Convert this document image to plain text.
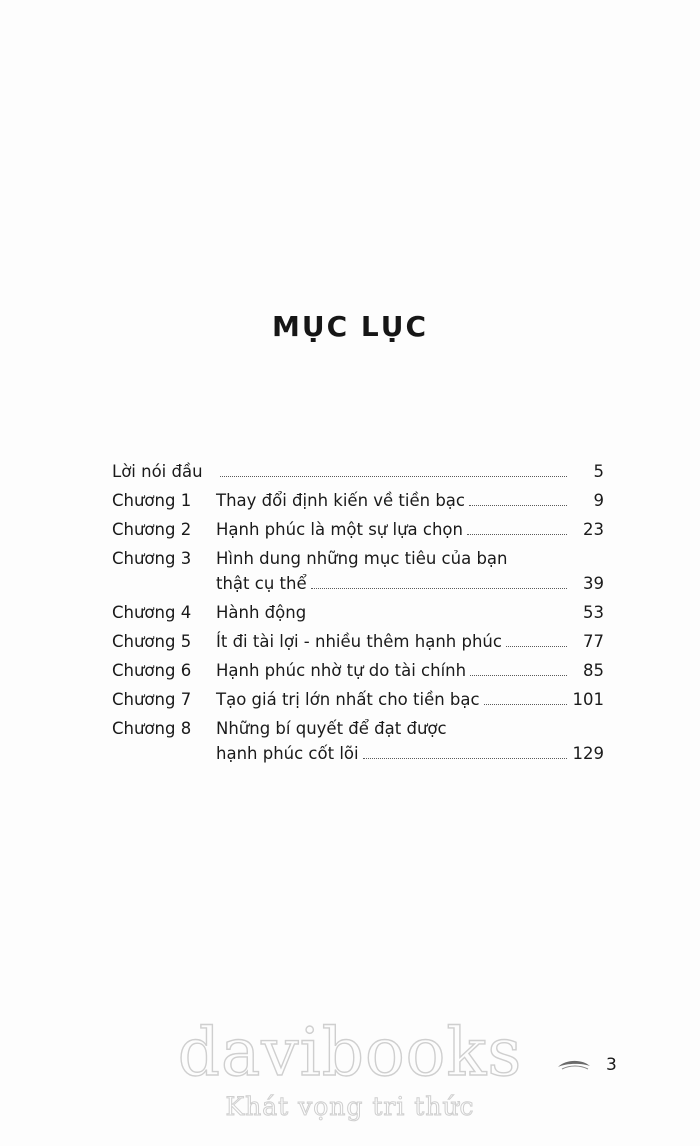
MỤC LỤC
Lời nói đầu	5
Chương 1	Thay đổi định kiến về tiền bạc	9
Chương 2	Hạnh phúc là một sự lựa chọn	23
Chương 3	Hình dung những mục tiêu của bạn
thật cụ thể	39
Chương 4	Hành động	53
Chương 5	Ít đi tài lợi - nhiều thêm hạnh phúc	77
Chương 6	Hạnh phúc nhờ tự do tài chính	85
Chương 7	Tạo giá trị lớn nhất cho tiền bạc	101
Chương 8	Những bí quyết để đạt được
hạnh phúc cốt lõi	129
davibooks
Khát vọng tri thức
3
